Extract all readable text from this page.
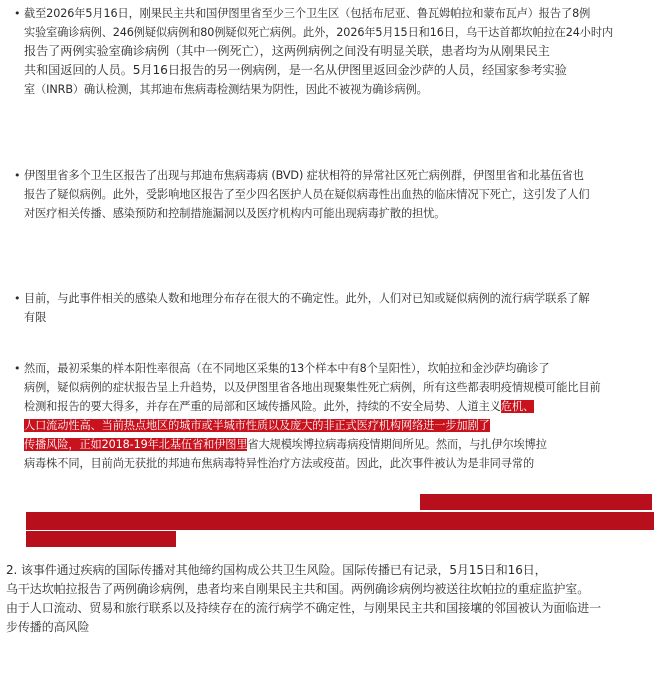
• 截至2026年5月16日，刚果民主共和国伊图里省至少三个卫生区（包括布尼亚、鲁瓦姆帕拉和蒙布瓦卢）报告了8例
实验室确诊病例、246例疑似病例和80例疑似死亡病例。此外，2026年5月15日和16日，乌干达首都坎帕拉在24小时内
报告了两例实验室确诊病例（其中一例死亡），这两例病例之间没有明显关联，患者均为从刚果民主
共和国返回的人员。5月16日报告的另一例病例，是一名从伊图里返回金沙萨的人员，经国家参考实验
室（INRB）确认检测，其邦迪布焦病毒检测结果为阴性，因此不被视为确诊病例。
• 伊图里省多个卫生区报告了出现与邦迪布焦病毒病 (BVD) 症状相符的异常社区死亡病例群，伊图里省和北基伍省也
报告了疑似病例。此外，受影响地区报告了至少四名医护人员在疑似病毒性出血热的临床情况下死亡，这引发了人们
对医疗相关传播、感染预防和控制措施漏洞以及医疗机构内可能出现病毒扩散的担忧。
• 目前，与此事件相关的感染人数和地理分布存在很大的不确定性。此外，人们对已知或疑似病例的流行病学联系了解
有限
• 然而，最初采集的样本阳性率很高（在不同地区采集的13个样本中有8个呈阳性），坎帕拉和金沙萨均确诊了
病例，疑似病例的症状报告呈上升趋势，以及伊图里省各地出现聚集性死亡病例，所有这些都表明疫情规模可能比目前
检测和报告的要大得多，并存在严重的局部和区域传播风险。此外，持续的不安全局势、人道主义危机、
人口流动性高、当前热点地区的城市或半城市性质以及庞大的非正式医疗机构网络进一步加剧了
传播风险，正如2018-19年北基伍省和伊图里省大规模埃博拉病毒病疫情期间所见。然而，与扎伊尔埃博拉
病毒株不同，目前尚无获批的邦迪布焦病毒特异性治疗方法或疫苗。因此，此次事件被认为是非同寻常的
2. 该事件通过疾病的国际传播对其他缔约国构成公共卫生风险。国际传播已有记录，5月15日和16日，
乌干达坎帕拉报告了两例确诊病例，患者均来自刚果民主共和国。两例确诊病例均被送往坎帕拉的重症监护室。
由于人口流动、贸易和旅行联系以及持续存在的流行病学不确定性，与刚果民主共和国接壤的邻国被认为面临进一
步传播的高风险
